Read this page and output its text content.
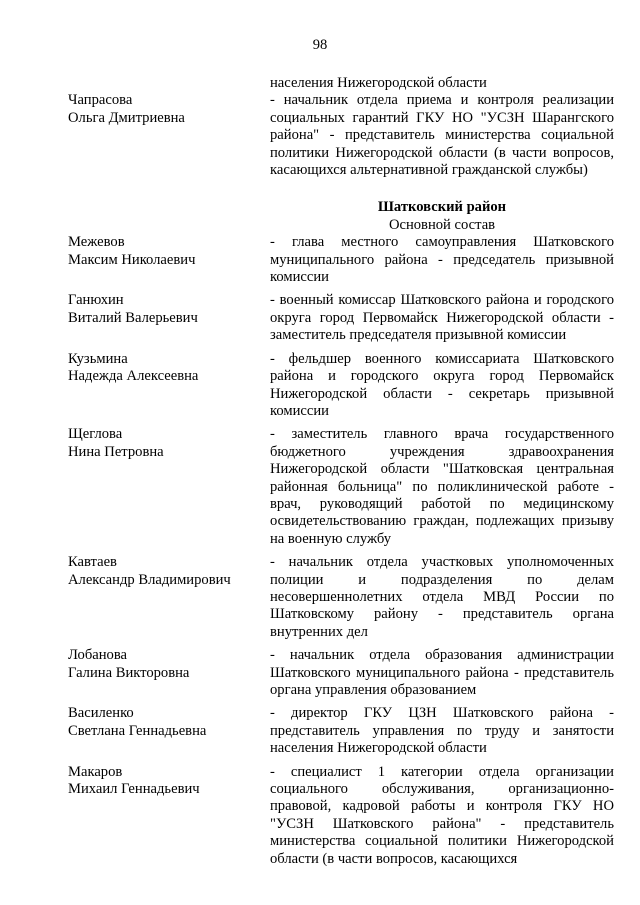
98
населения Нижегородской области
Чапрасова
Ольга Дмитриевна
- начальник отдела приема и контроля реализации социальных гарантий ГКУ НО "УСЗН Шарангского района" - представитель министерства социальной политики Нижегородской области (в части вопросов, касающихся альтернативной гражданской службы)
Шатковский район
Основной состав
Межевов
Максим Николаевич
- глава местного самоуправления Шатковского муниципального района - председатель призывной комиссии
Ганюхин
Виталий Валерьевич
- военный комиссар Шатковского района и городского округа город Первомайск Нижегородской области - заместитель председателя призывной комиссии
Кузьмина
Надежда Алексеевна
- фельдшер военного комиссариата Шатковского района и городского округа город Первомайск Нижегородской области - секретарь призывной комиссии
Щеглова
Нина Петровна
- заместитель главного врача государственного бюджетного учреждения здравоохранения Нижегородской области "Шатковская центральная районная больница" по поликлинической работе - врач, руководящий работой по медицинскому освидетельствованию граждан, подлежащих призыву на военную службу
Кавтаев
Александр Владимирович
- начальник отдела участковых уполномоченных полиции и подразделения по делам несовершеннолетних отдела МВД России по Шатковскому району - представитель органа внутренних дел
Лобанова
Галина Викторовна
- начальник отдела образования администрации Шатковского муниципального района - представитель органа управления образованием
Василенко
Светлана Геннадьевна
- директор ГКУ ЦЗН Шатковского района - представитель управления по труду и занятости населения Нижегородской области
Макаров
Михаил Геннадьевич
- специалист 1 категории отдела организации социального обслуживания, организационно-правовой, кадровой работы и контроля ГКУ НО "УСЗН Шатковского района" - представитель министерства социальной политики Нижегородской области (в части вопросов, касающихся
